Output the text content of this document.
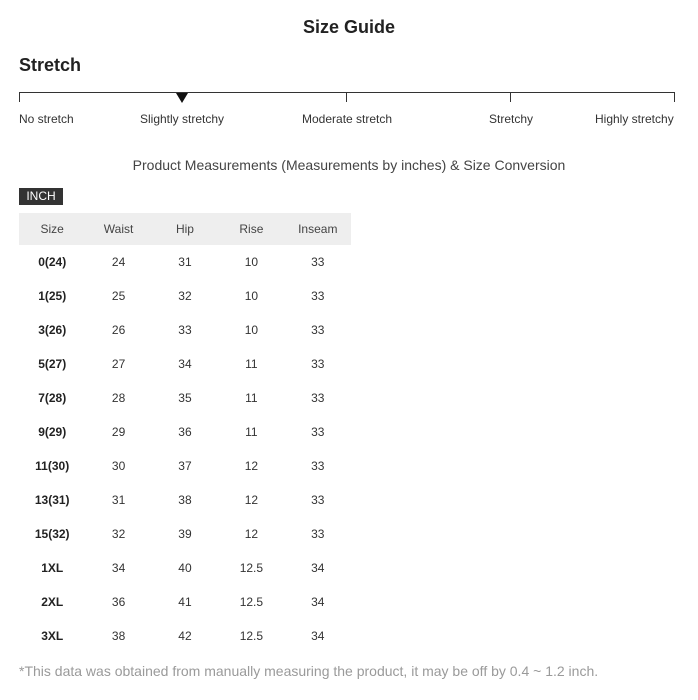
Size Guide
Stretch
No stretch	Slightly stretchy	Moderate stretch	Stretchy	Highly stretchy
Product Measurements (Measurements by inches) & Size Conversion
INCH
Size	Waist	Hip	Rise	Inseam
0(24)	24	31	10	33
1(25)	25	32	10	33
3(26)	26	33	10	33
5(27)	27	34	11	33
7(28)	28	35	11	33
9(29)	29	36	11	33
11(30)	30	37	12	33
13(31)	31	38	12	33
15(32)	32	39	12	33
1XL	34	40	12.5	34
2XL	36	41	12.5	34
3XL	38	42	12.5	34
*This data was obtained from manually measuring the product, it may be off by 0.4 ~ 1.2 inch.
